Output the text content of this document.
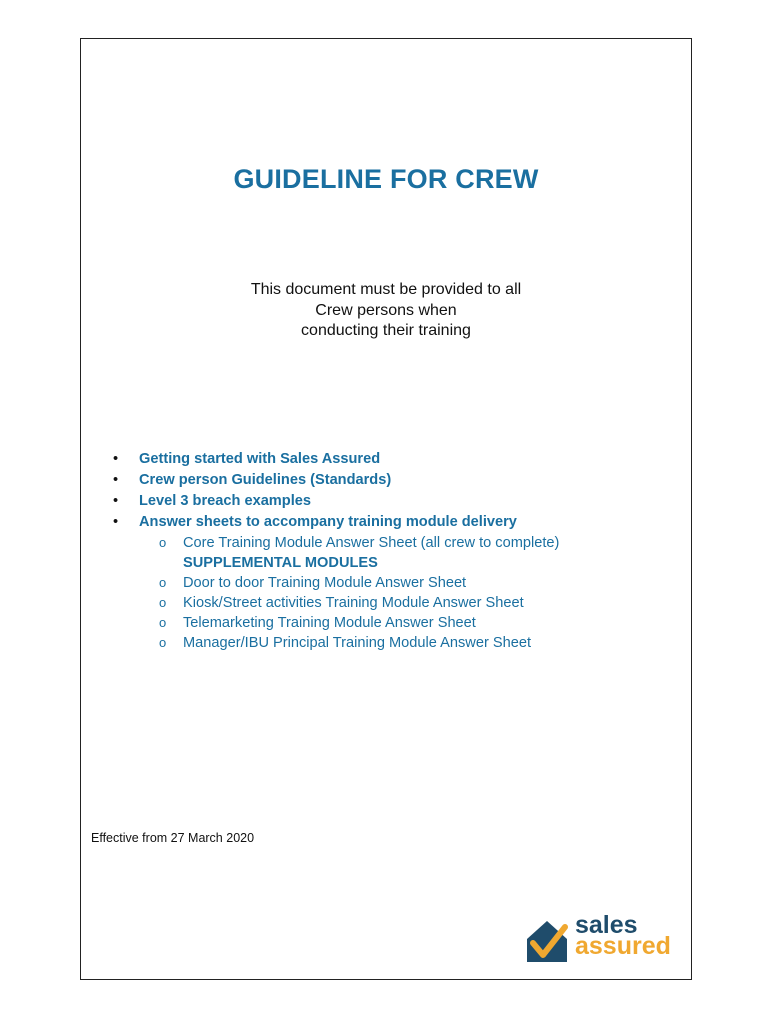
GUIDELINE FOR CREW
This document must be provided to all
Crew persons when
conducting their training
•	Getting started with Sales Assured
•	Crew person Guidelines (Standards)
•	Level 3 breach examples
•	Answer sheets to accompany training module delivery
o	Core Training Module Answer Sheet (all crew to complete)
SUPPLEMENTAL MODULES
o	Door to door Training Module Answer Sheet
o	Kiosk/Street activities Training Module Answer Sheet
o	Telemarketing Training Module Answer Sheet
o	Manager/IBU Principal Training Module Answer Sheet
Effective from 27 March 2020
sales
assured
